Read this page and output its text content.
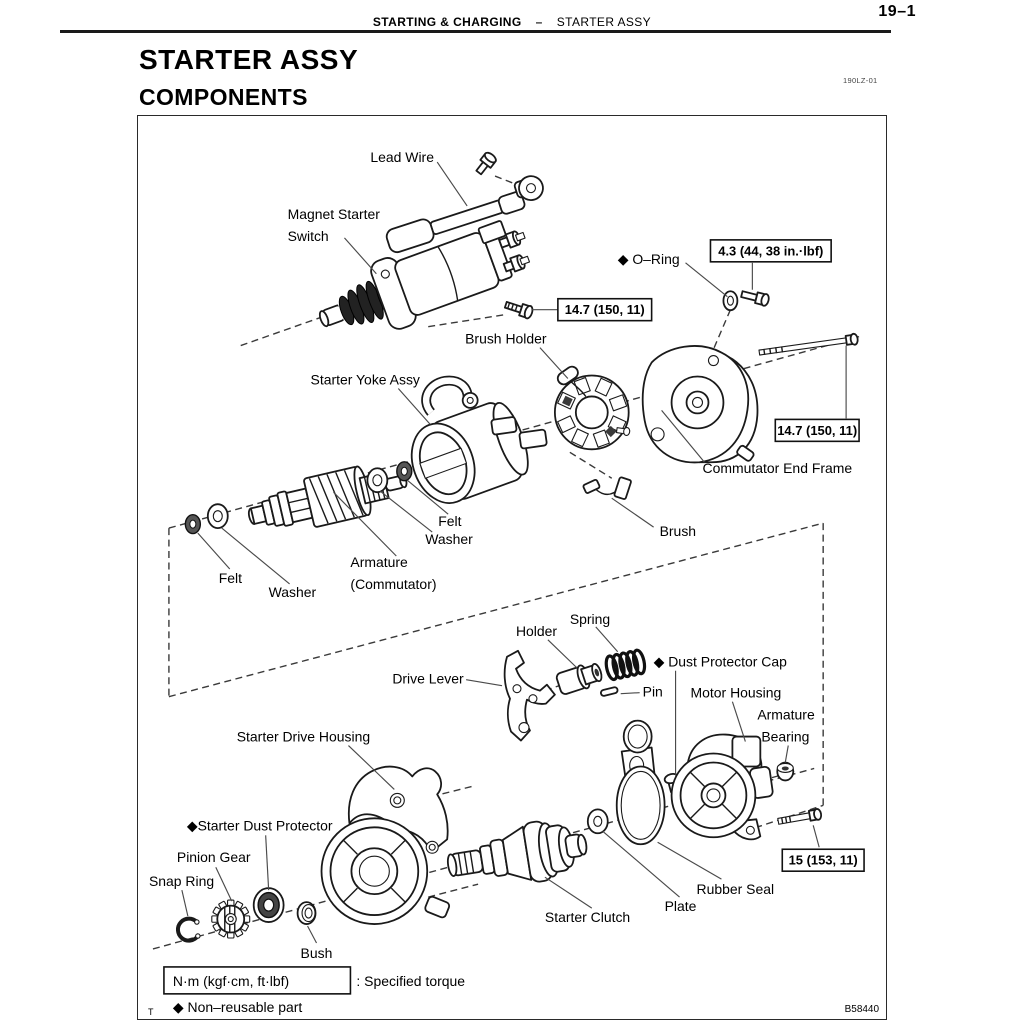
19–1
STARTING & CHARGING – STARTER ASSY
STARTER ASSY
COMPONENTS
190LZ-01
Lead Wire
Magnet Starter
Switch
◆ O–Ring
Brush Holder
Starter Yoke Assy
Commutator End Frame
Brush
Felt
Washer
Armature
(Commutator)
Felt
Washer
Holder
Spring
Drive Lever
Pin
◆ Dust Protector Cap
Motor Housing
Armature
Bearing
Starter Drive Housing
◆Starter Dust Protector
Pinion Gear
Snap Ring
Bush
Starter Clutch
Plate
Rubber Seal
14.7 (150, 11)
4.3 (44, 38 in.·lbf)
14.7 (150, 11)
15 (153, 11)
N·m (kgf·cm, ft·lbf)	: Specified torque
◆ Non–reusable part
T	B58440
